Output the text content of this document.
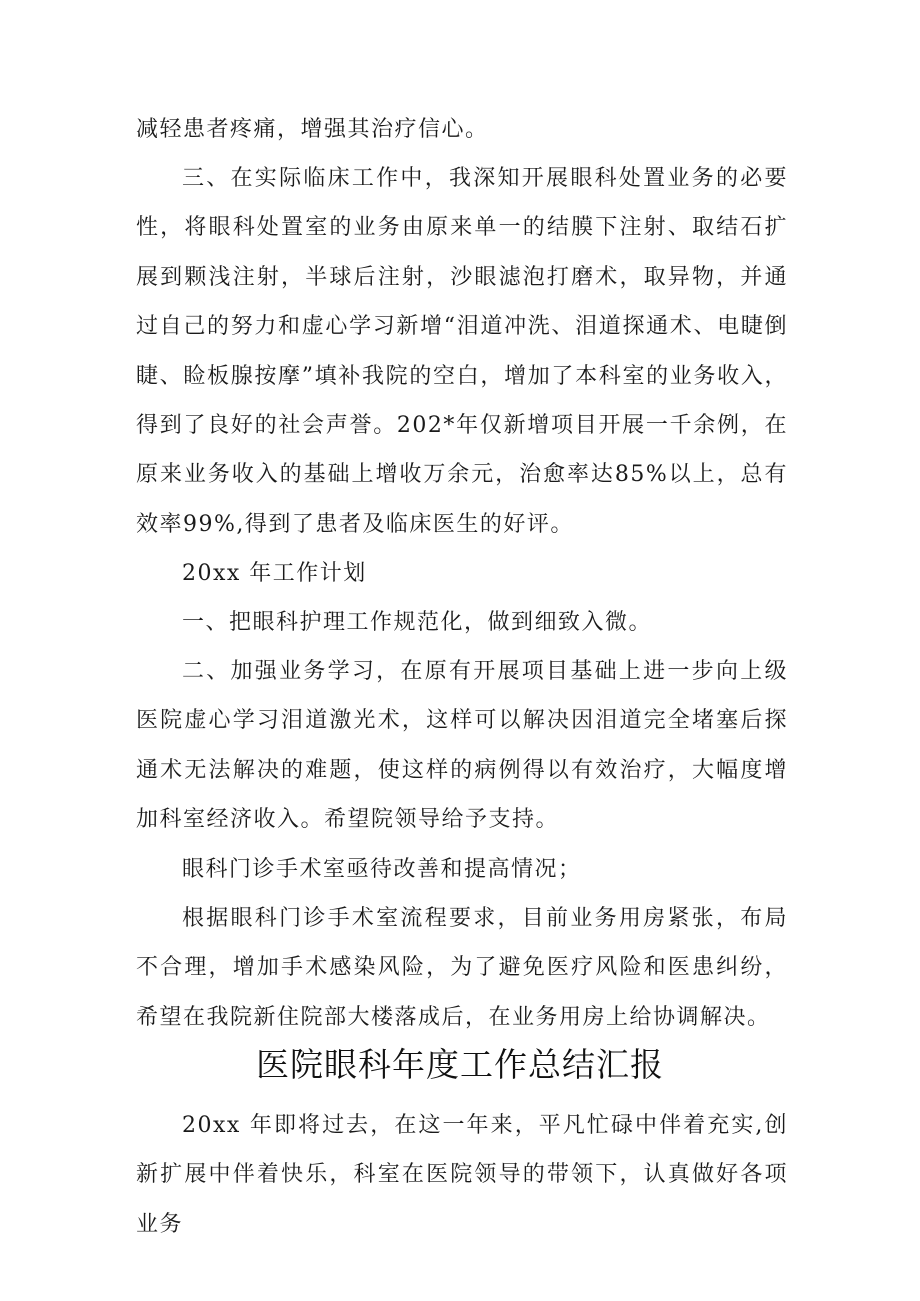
减轻患者疼痛，增强其治疗信心。

三、在实际临床工作中，我深知开展眼科处置业务的必要性，将眼科处置室的业务由原来单一的结膜下注射、取结石扩展到颗浅注射，半球后注射，沙眼滤泡打磨术，取异物，并通过自己的努力和虚心学习新增“泪道冲洗、泪道探通术、电睫倒睫、睑板腺按摩”填补我院的空白，增加了本科室的业务收入，得到了良好的社会声誉。202*年仅新增项目开展一千余例，在原来业务收入的基础上增收万余元，治愈率达85%以上，总有效率99%,得到了患者及临床医生的好评。

20xx 年工作计划

一、把眼科护理工作规范化，做到细致入微。

二、加强业务学习，在原有开展项目基础上进一步向上级医院虚心学习泪道激光术，这样可以解决因泪道完全堵塞后探通术无法解决的难题，使这样的病例得以有效治疗，大幅度增加科室经济收入。希望院领导给予支持。

眼科门诊手术室亟待改善和提高情况；

根据眼科门诊手术室流程要求，目前业务用房紧张，布局不合理，增加手术感染风险，为了避免医疗风险和医患纠纷，希望在我院新住院部大楼落成后，在业务用房上给协调解决。

医院眼科年度工作总结汇报

20xx 年即将过去，在这一年来，平凡忙碌中伴着充实,创新扩展中伴着快乐，科室在医院领导的带领下，认真做好各项业务
